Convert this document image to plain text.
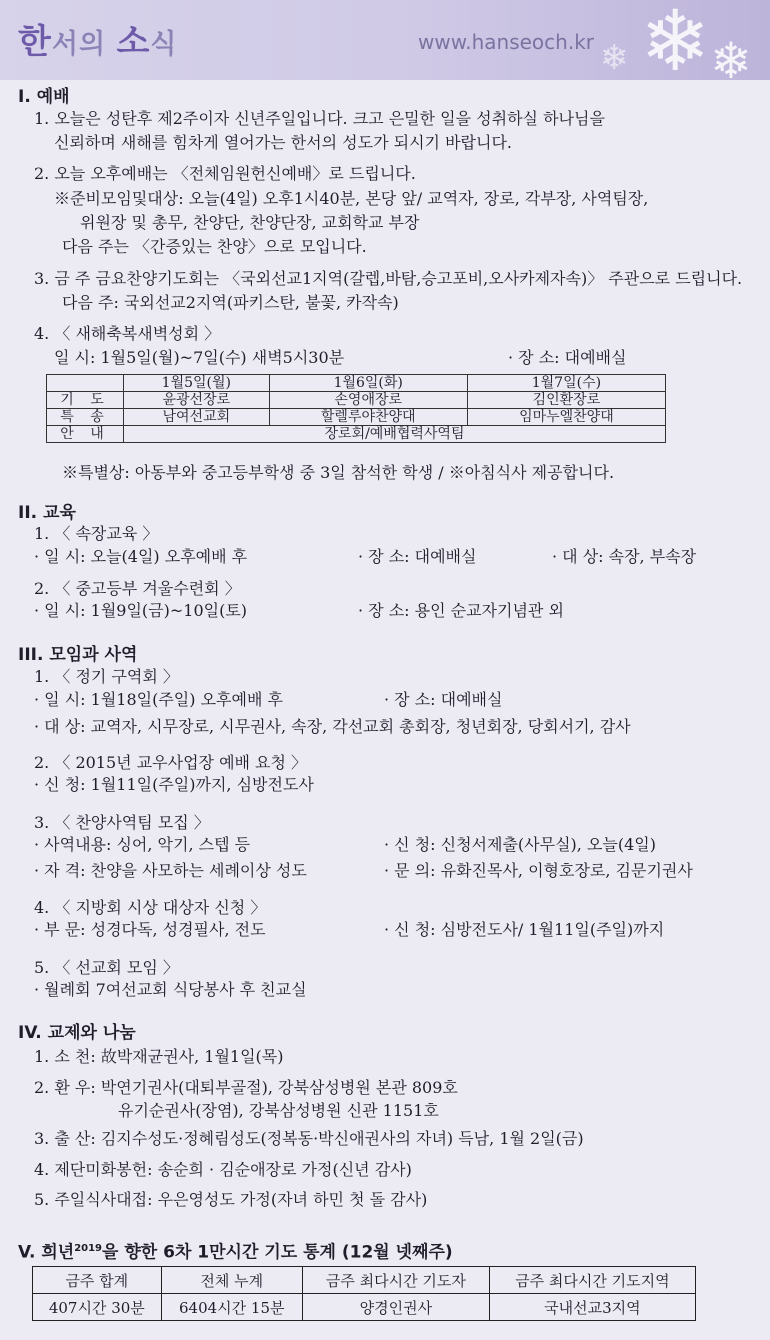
❄ ❄
❄
한서의 소식	www.hanseoch.kr
I. 예배
1. 오늘은 성탄후 제2주이자 신년주일입니다. 크고 은밀한 일을 성취하실 하나님을
신뢰하며 새해를 힘차게 열어가는 한서의 성도가 되시기 바랍니다.
2. 오늘 오후예배는 〈전체임원헌신예배〉로 드립니다.
※준비모임및대상: 오늘(4일) 오후1시40분, 본당 앞/ 교역자, 장로, 각부장, 사역팀장,
위원장 및 총무, 찬양단, 찬양단장, 교회학교 부장
다음 주는 〈간증있는 찬양〉으로 모입니다.
3. 금 주 금요찬양기도회는 〈국외선교1지역(갈렙,바탐,승고포비,오사카제자속)〉 주관으로 드립니다.
다음 주: 국외선교2지역(파키스탄, 불꽃, 카작속)
4. 〈 새해축복새벽성회 〉
일 시: 1월5일(월)~7일(수) 새벽5시30분	· 장 소: 대예배실
	1월5일(월)	1월6일(화)	1월7일(수)
기 도	윤광선장로	손영애장로	김인환장로
특 송	남여선교회	할렐루야찬양대	임마누엘찬양대
안 내	장로회/예배협력사역팀		
※특별상: 아동부와 중고등부학생 중 3일 참석한 학생 / ※아침식사 제공합니다.
II. 교육
1. 〈 속장교육 〉
· 일 시: 오늘(4일) 오후예배 후	· 장 소: 대예배실	· 대 상: 속장, 부속장
2. 〈 중고등부 겨울수련회 〉
· 일 시: 1월9일(금)~10일(토)	· 장 소: 용인 순교자기념관 외
III. 모임과 사역
1. 〈 정기 구역회 〉
· 일 시: 1월18일(주일) 오후예배 후	· 장 소: 대예배실
· 대 상: 교역자, 시무장로, 시무권사, 속장, 각선교회 총회장, 청년회장, 당회서기, 감사
2. 〈 2015년 교우사업장 예배 요청 〉
· 신 청: 1월11일(주일)까지, 심방전도사
3. 〈 찬양사역팀 모집 〉
· 사역내용: 싱어, 악기, 스텝 등	· 신 청: 신청서제출(사무실), 오늘(4일)
· 자 격: 찬양을 사모하는 세례이상 성도	· 문 의: 유화진목사, 이형호장로, 김문기권사
4. 〈 지방회 시상 대상자 신청 〉
· 부 문: 성경다독, 성경필사, 전도	· 신 청: 심방전도사/ 1월11일(주일)까지
5. 〈 선교회 모임 〉
· 월례회 7여선교회 식당봉사 후 친교실
IV. 교제와 나눔
1. 소 천: 故박재균권사, 1월1일(목)
2. 환 우: 박연기권사(대퇴부골절), 강북삼성병원 본관 809호
유기순권사(장염), 강북삼성병원 신관 1151호
3. 출 산: 김지수성도·정혜림성도(정복동·박신애권사의 자녀) 득남, 1월 2일(금)
4. 제단미화봉헌: 송순희 · 김순애장로 가정(신년 감사)
5. 주일식사대접: 우은영성도 가정(자녀 하민 첫 돌 감사)
V. 희년$^{2019}$을 향한 6차 1만시간 기도 통계 (12월 넷째주)
금주 합계	전체 누계	금주 최다시간 기도자	금주 최다시간 기도지역
407시간 30분	6404시간 15분	양경인권사	국내선교3지역
